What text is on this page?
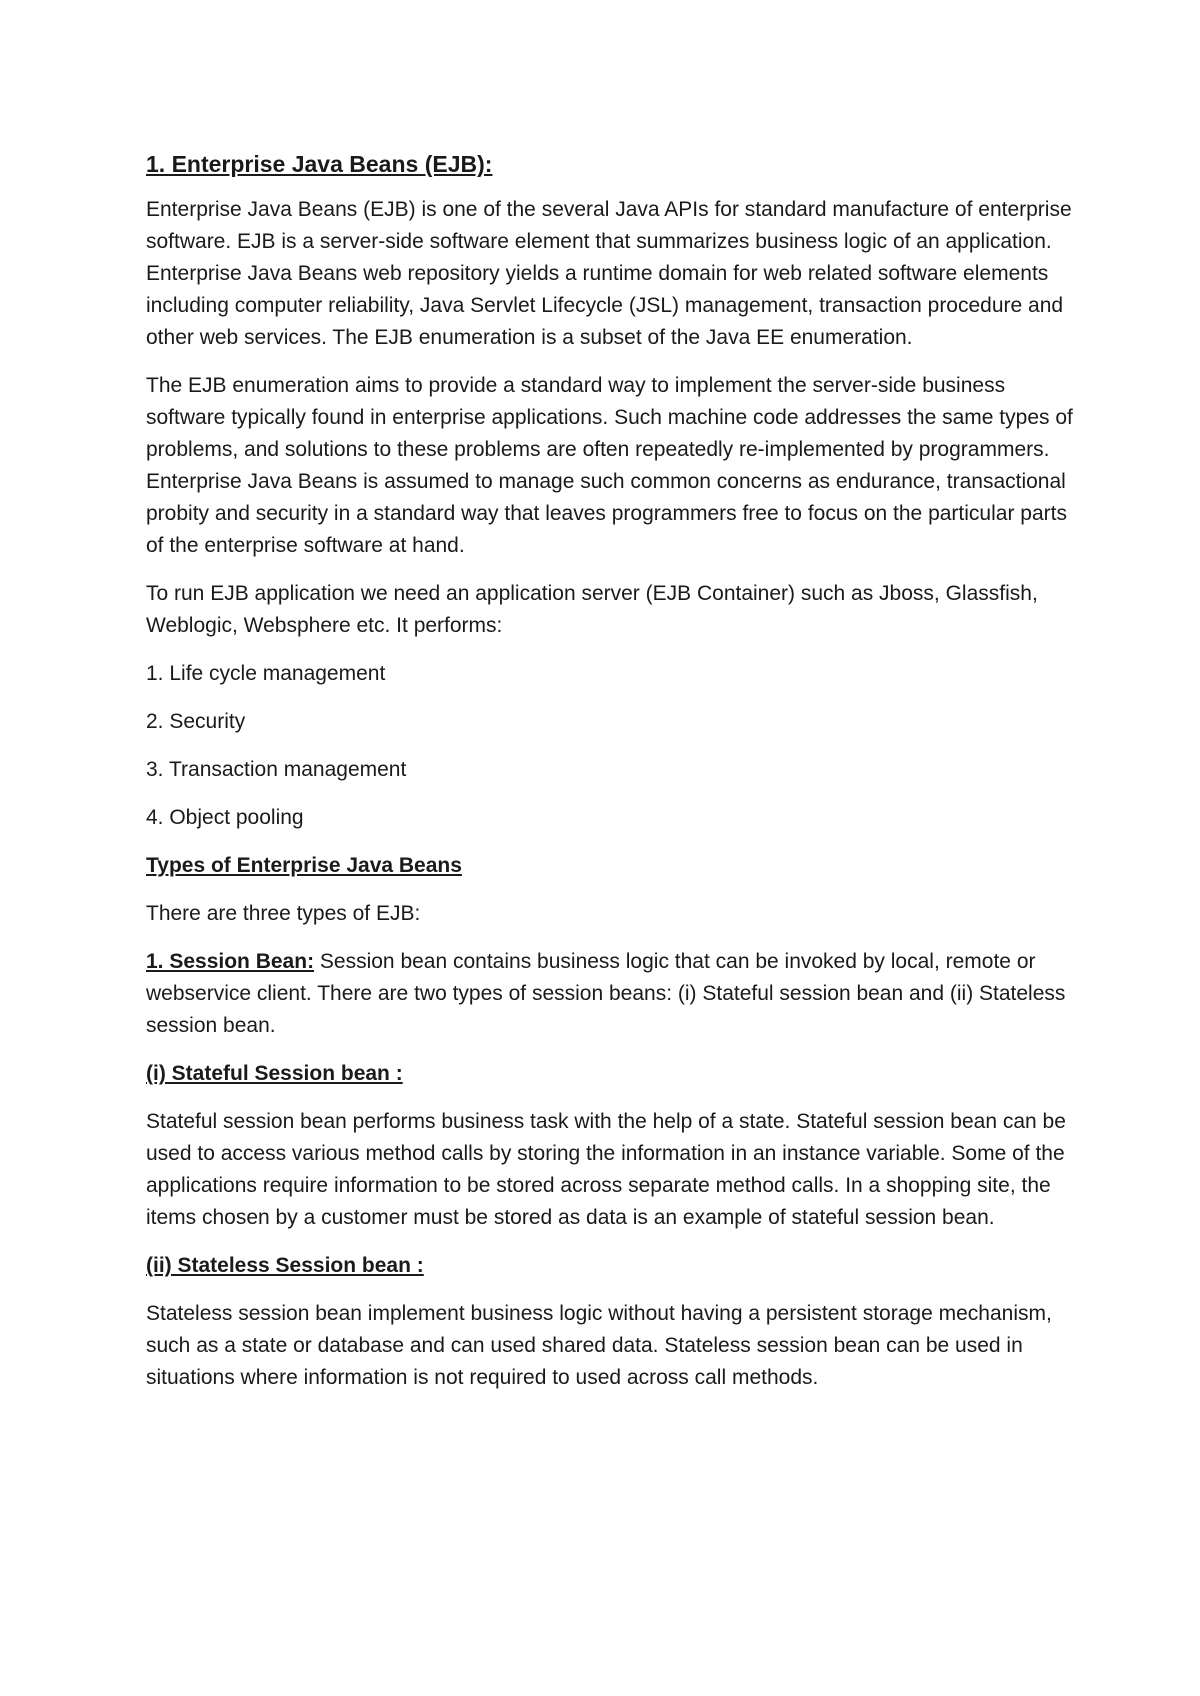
1. Enterprise Java Beans (EJB):

Enterprise Java Beans (EJB) is one of the several Java APIs for standard manufacture of enterprise software. EJB is a server-side software element that summarizes business logic of an application. Enterprise Java Beans web repository yields a runtime domain for web related software elements including computer reliability, Java Servlet Lifecycle (JSL) management, transaction procedure and other web services. The EJB enumeration is a subset of the Java EE enumeration.

The EJB enumeration aims to provide a standard way to implement the server-side business software typically found in enterprise applications. Such machine code addresses the same types of problems, and solutions to these problems are often repeatedly re-implemented by programmers. Enterprise Java Beans is assumed to manage such common concerns as endurance, transactional probity and security in a standard way that leaves programmers free to focus on the particular parts of the enterprise software at hand.

To run EJB application we need an application server (EJB Container) such as Jboss, Glassfish, Weblogic, Websphere etc. It performs:

1. Life cycle management
2. Security
3. Transaction management
4. Object pooling
Types of Enterprise Java Beans

There are three types of EJB:

1. Session Bean: Session bean contains business logic that can be invoked by local, remote or webservice client. There are two types of session beans: (i) Stateful session bean and (ii) Stateless session bean.

(i) Stateful Session bean :

Stateful session bean performs business task with the help of a state. Stateful session bean can be used to access various method calls by storing the information in an instance variable. Some of the applications require information to be stored across separate method calls. In a shopping site, the items chosen by a customer must be stored as data is an example of stateful session bean.

(ii) Stateless Session bean :

Stateless session bean implement business logic without having a persistent storage mechanism, such as a state or database and can used shared data. Stateless session bean can be used in situations where information is not required to used across call methods.
